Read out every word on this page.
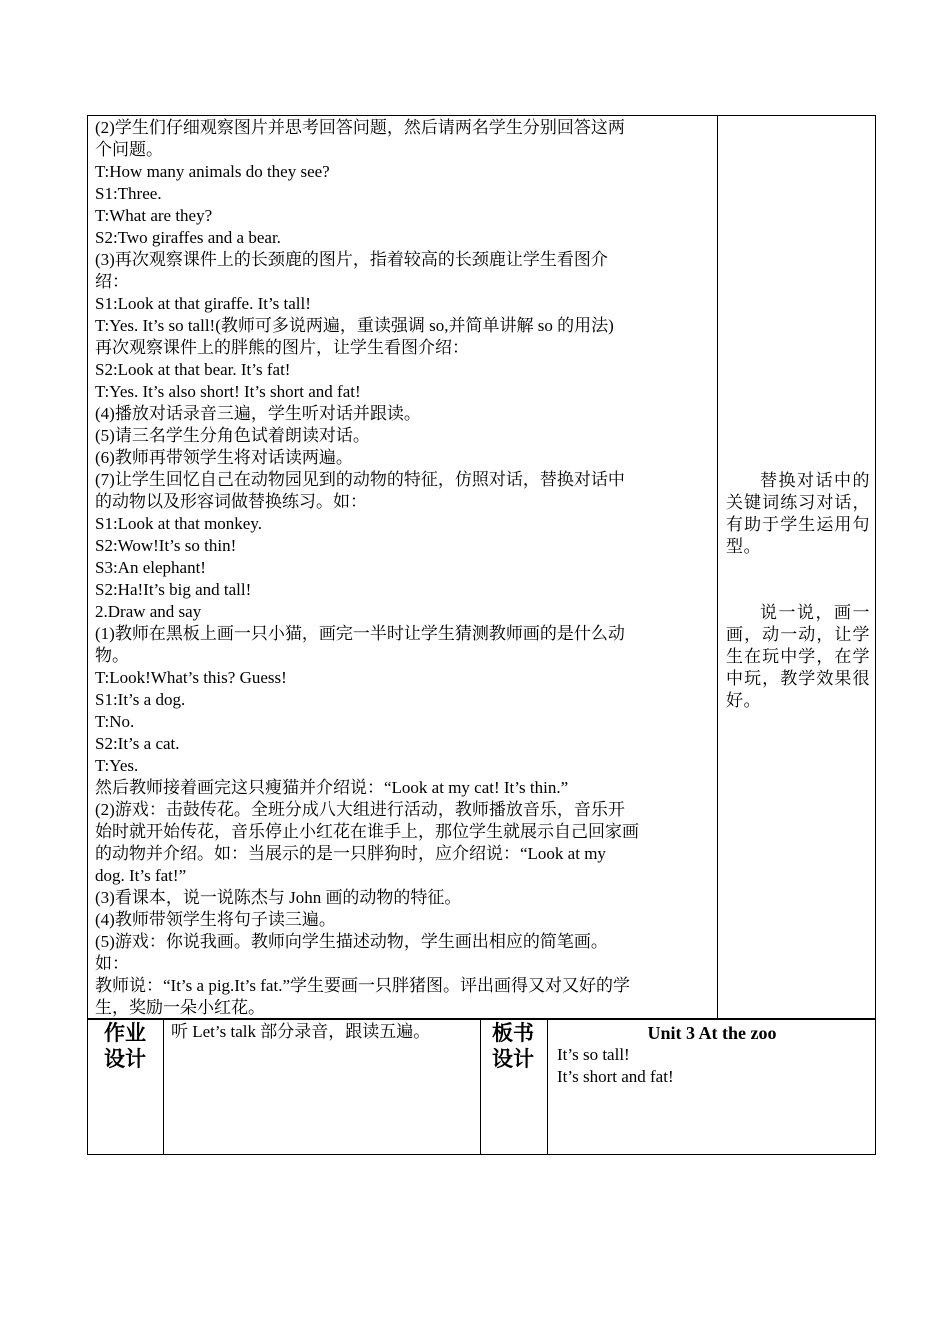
(2)学生们仔细观察图片并思考回答问题，然后请两名学生分别回答这两
个问题。
T:How many animals do they see?
S1:Three.
T:What are they?
S2:Two giraffes and a bear.
(3)再次观察课件上的长颈鹿的图片，指着较高的长颈鹿让学生看图介
绍：
S1:Look at that giraffe. It’s tall!
T:Yes. It’s so tall!(教师可多说两遍，重读强调 so,并简单讲解 so 的用法)
再次观察课件上的胖熊的图片，让学生看图介绍：
S2:Look at that bear. It’s fat!
T:Yes. It’s also short! It’s short and fat!
(4)播放对话录音三遍，学生听对话并跟读。
(5)请三名学生分角色试着朗读对话。
(6)教师再带领学生将对话读两遍。
(7)让学生回忆自己在动物园见到的动物的特征，仿照对话，替换对话中
的动物以及形容词做替换练习。如：
S1:Look at that monkey.
S2:Wow!It’s so thin!
S3:An elephant!
S2:Ha!It’s big and tall!
2.Draw and say
(1)教师在黑板上画一只小猫，画完一半时让学生猜测教师画的是什么动
物。
T:Look!What’s this? Guess!
S1:It’s a dog.
T:No.
S2:It’s a cat.
T:Yes.
然后教师接着画完这只瘦猫并介绍说：“Look at my cat! It’s thin.”
(2)游戏：击鼓传花。全班分成八大组进行活动，教师播放音乐，音乐开
始时就开始传花，音乐停止小红花在谁手上，那位学生就展示自己回家画
的动物并介绍。如：当展示的是一只胖狗时，应介绍说：“Look at my
dog. It’s fat!”
(3)看课本，说一说陈杰与 John 画的动物的特征。
(4)教师带领学生将句子读三遍。
(5)游戏：你说我画。教师向学生描述动物，学生画出相应的简笔画。
如：
教师说：“It’s a pig.It’s fat.”学生要画一只胖猪图。评出画得又对又好的学
生，奖励一朵小红花。
替换对话中的关键词练习对话，有助于学生运用句型。
说一说，画一画，动一动，让学生在玩中学，在学中玩，教学效果很好。
作业
设计
听 Let’s talk 部分录音，跟读五遍。	板书
设计
Unit 3 At the zoo
It’s so tall!
It’s short and fat!
